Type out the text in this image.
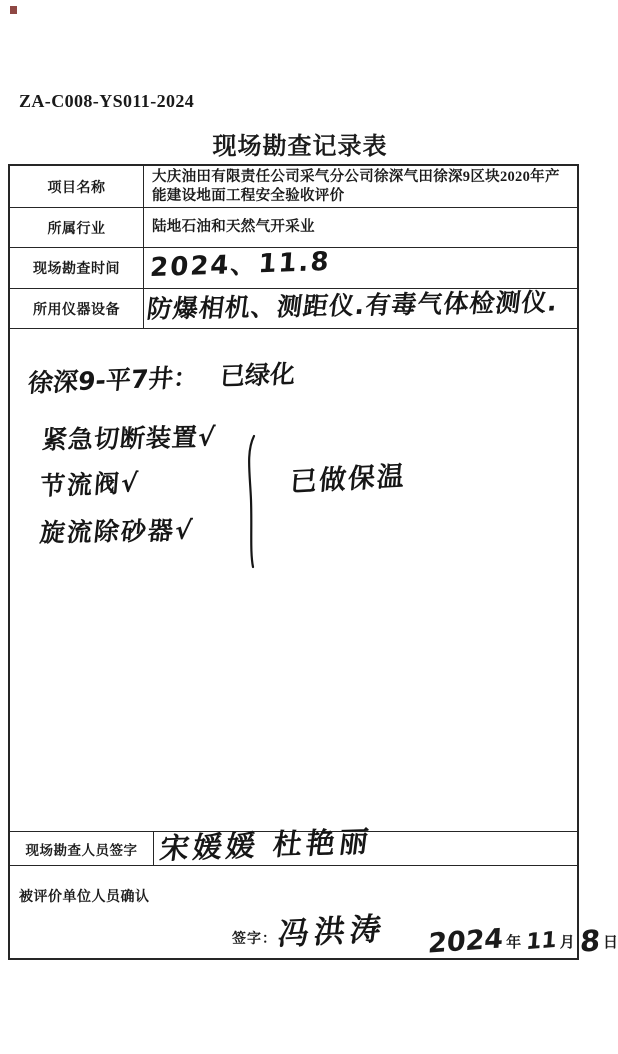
ZA-C008-YS011-2024
现场勘查记录表
项目名称
大庆油田有限责任公司采气分公司徐深气田徐深9区块2020年产能建设地面工程安全验收评价
所属行业	陆地石油和天然气开采业
现场勘查时间
所用仪器设备
现场勘查人员签字
被评价单位人员确认
签字：
2024、11.8
防爆相机、测距仪.有毒气体检测仪.
徐深9-平7井： 已绿化
紧急切断装置√
节流阀√
旋流除砂器√
已做保温
宋媛媛 杜艳丽
冯洪涛 2024 年 11 月 8 日
